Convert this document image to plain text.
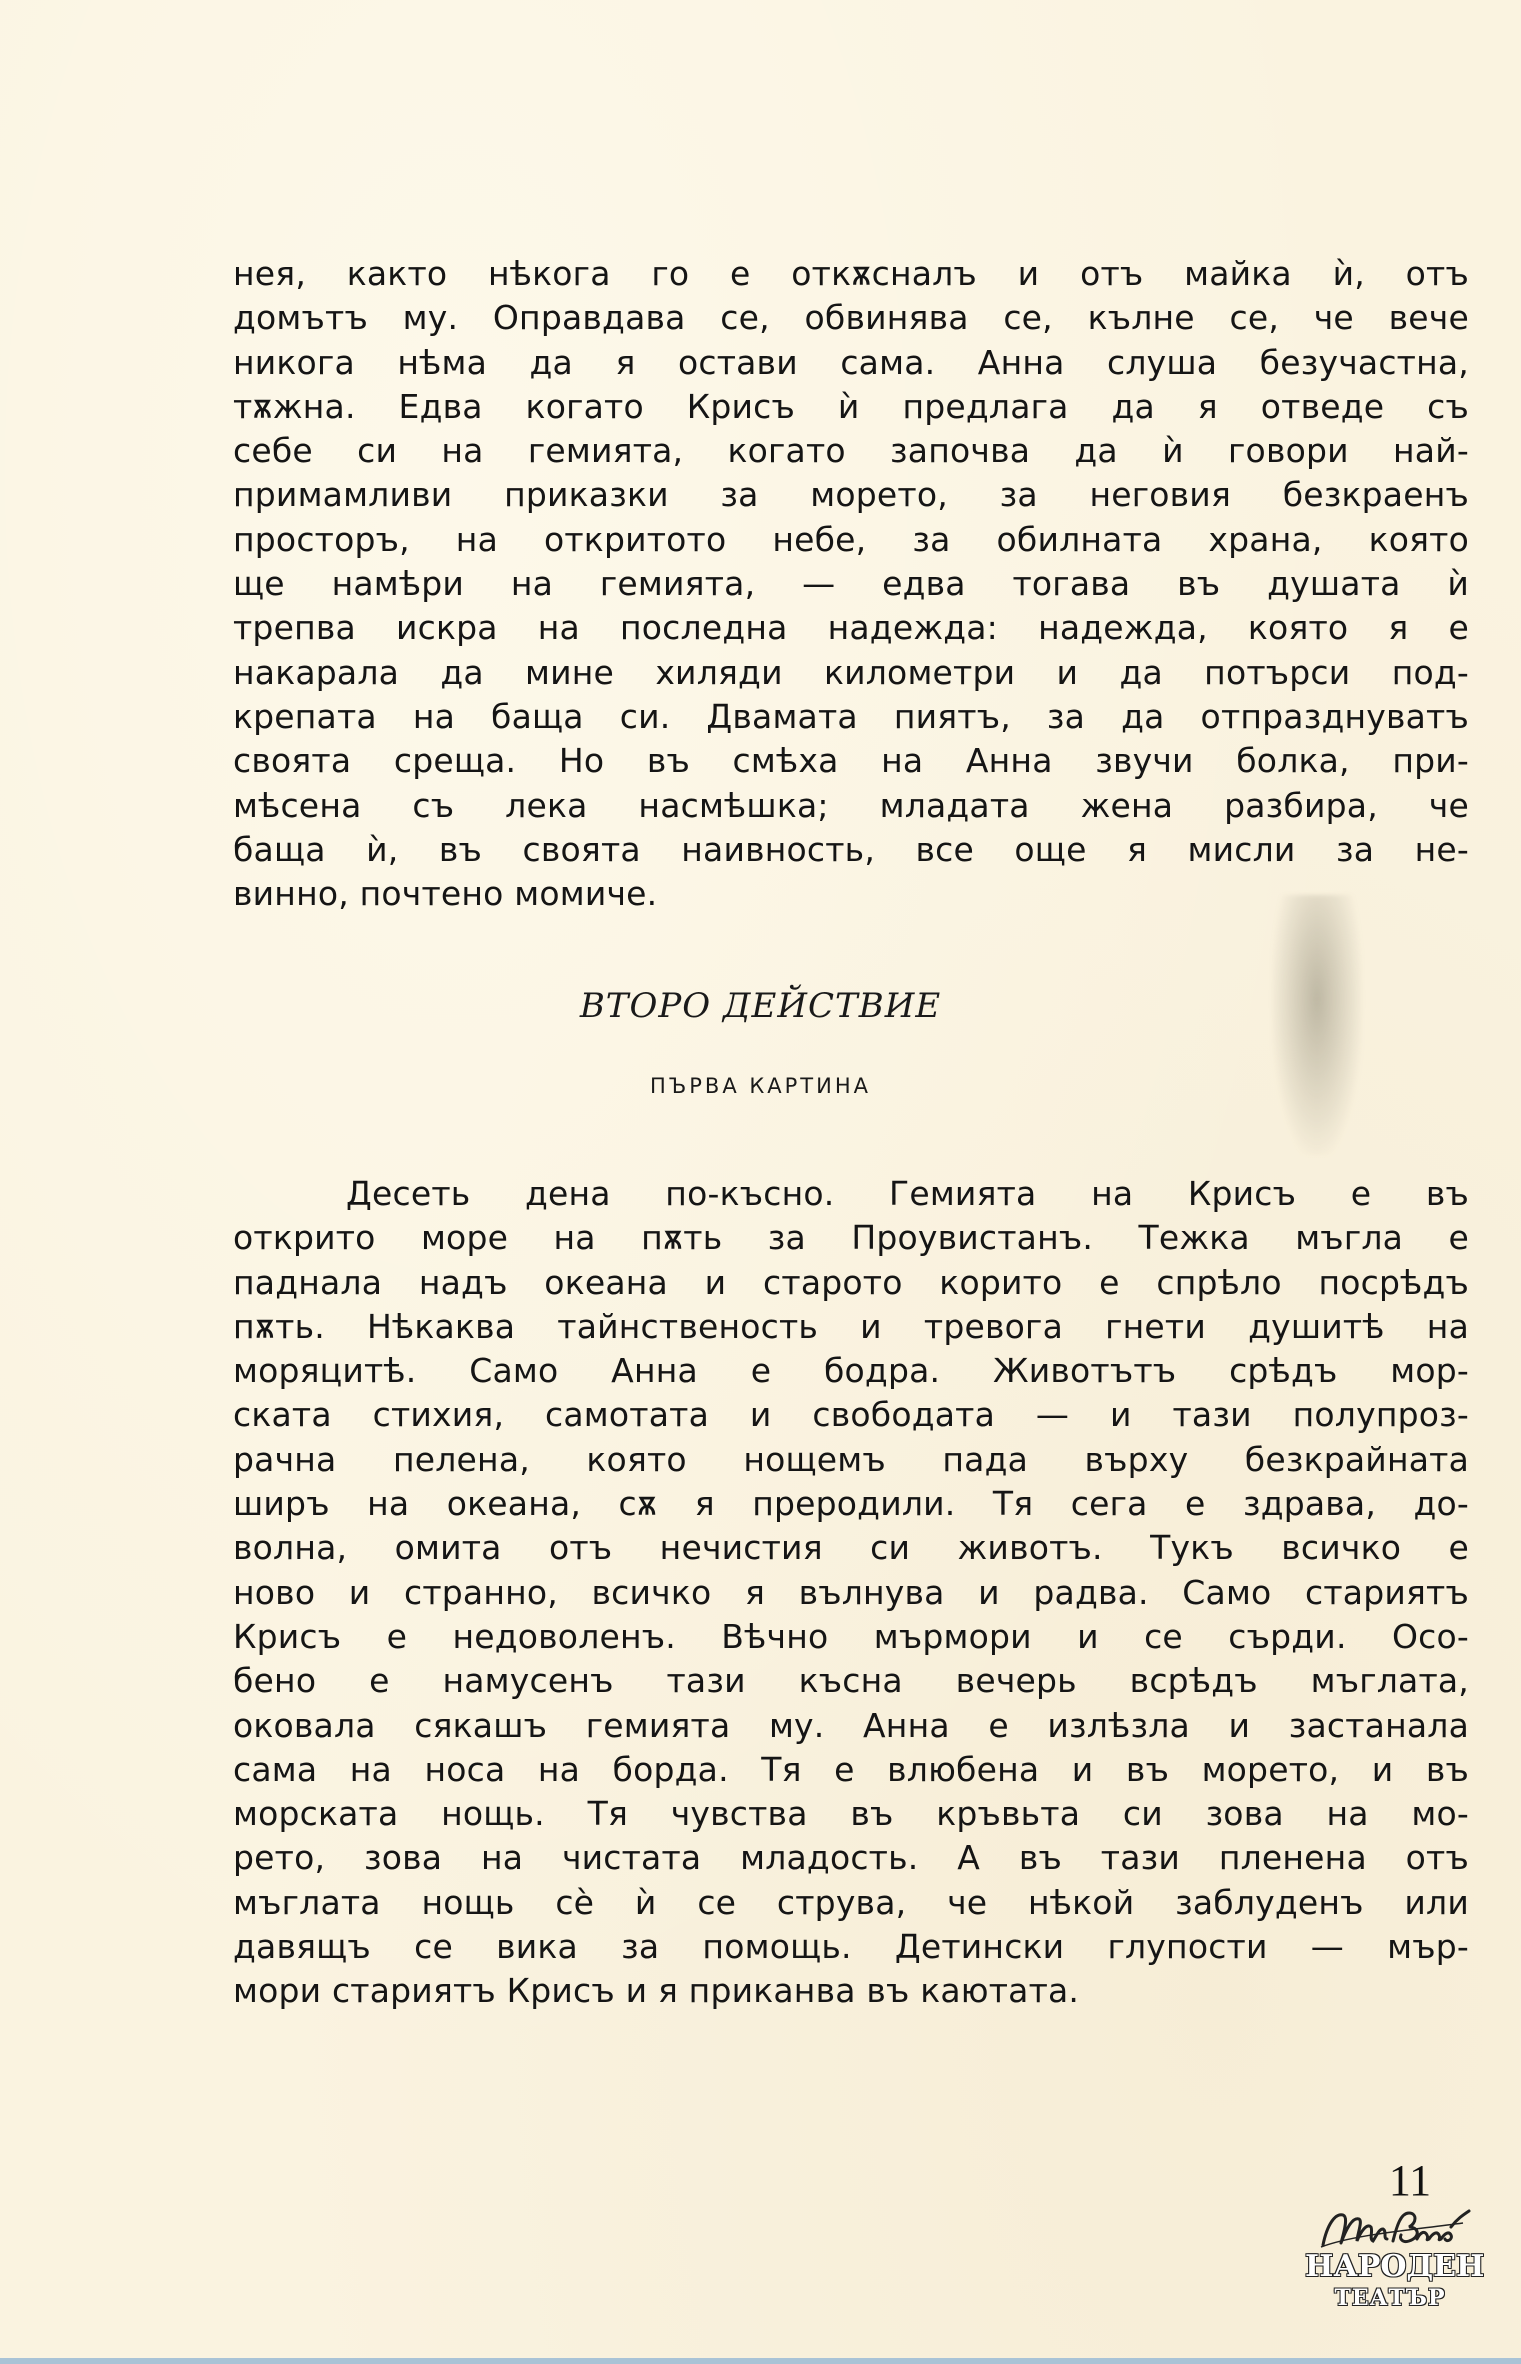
нея, както нѣкога го е откѫсналъ и отъ майка ѝ, отъ
домътъ му. Оправдава се, обвинява се, кълне се, че вече
никога нѣма да я остави сама. Анна слуша безучастна,
тѫжна. Едва когато Крисъ ѝ предлага да я отведе съ
себе си на гемията, когато започва да ѝ говори най-
примамливи приказки за морето, за неговия безкраенъ
просторъ, на откритото небе, за обилната храна, която
ще намѣри на гемията, — едва тогава въ душата ѝ
трепва искра на последна надежда: надежда, която я е
накарала да мине хиляди километри и да потърси под-
крепата на баща си. Двамата пиятъ, за да отпразднуватъ
своята среща. Но въ смѣха на Анна звучи болка, при-
мѣсена съ лека насмѣшка; младата жена разбира, че
баща ѝ, въ своята наивность, все още я мисли за не-
винно, почтено момиче.
ВТОРО ДЕЙСТВИЕ
ПЪРВА КАРТИНА
Десеть дена по-късно. Гемията на Крисъ е въ
открито море на пѫть за Проувистанъ. Тежка мъгла е
паднала надъ океана и старото корито е спрѣло посрѣдъ
пѫть. Нѣкаква тайнственость и тревога гнети душитѣ на
моряцитѣ. Само Анна е бодра. Животътъ срѣдъ мор-
ската стихия, самотата и свободата — и тази полупроз-
рачна пелена, която нощемъ пада върху безкрайната
ширъ на океана, сѫ я преродили. Тя сега е здрава, до-
волна, омита отъ нечистия си животъ. Тукъ всичко е
ново и странно, всичко я вълнува и радва. Само стариятъ
Крисъ е недоволенъ. Вѣчно мърмори и се сърди. Осо-
бено е намусенъ тази късна вечерь всрѣдъ мъглата,
оковала сякашъ гемията му. Анна е излѣзла и застанала
сама на носа на борда. Тя е влюбена и въ морето, и въ
морската нощь. Тя чувства въ кръвьта си зова на мо-
рето, зова на чистата младость. А въ тази пленена отъ
мъглата нощь сѐ ѝ се струва, че нѣкой заблуденъ или
давящъ се вика за помощь. Детински глупости — мър-
мори стариятъ Крисъ и я приканва въ каютата.
11
НАРОДЕН
ТЕАТЪР
